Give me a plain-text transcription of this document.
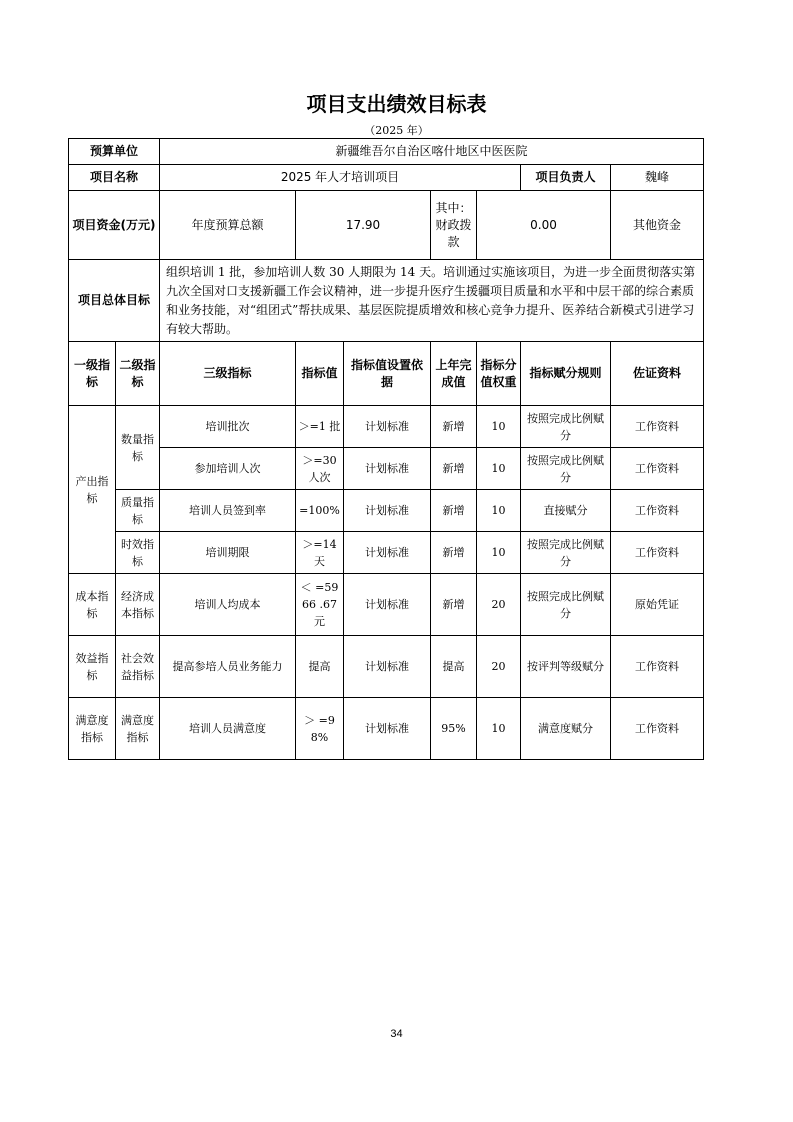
项目支出绩效目标表
（2025 年）
预算单位		新疆维吾尔自治区喀什地区中医医院							
项目名称		2025 年人才培训项目					项目负责人	魏峰	
项目资金(万元)		年度预算总额	17.90		其中：财政拨款	0.00		其他资金	
项目总体目标		组织培训 1 批，参加培训人数 30 人期限为 14 天。培训通过实施该项目，为进一步全面贯彻落实第九次全国对口支援新疆工作会议精神，进一步提升医疗生援疆项目质量和水平和中层干部的综合素质和业务技能，对“组团式”帮扶成果、基层医院提质增效和核心竞争力提升、医养结合新模式引进学习有较大帮助。							
一级指标	二级指标	三级指标	指标值	指标值设置依据	上年完成值	指标分值权重	指标赋分规则	佐证资料	
产出指标	数量指标	培训批次	＞=1 批	计划标准	新增	10	按照完成比例赋分	工作资料	
		参加培训人次	＞=30 人次	计划标准	新增	10	按照完成比例赋分	工作资料	
	质量指标	培训人员签到率	=100%	计划标准	新增	10	直接赋分	工作资料	
	时效指标	培训期限	＞=14 天	计划标准	新增	10	按照完成比例赋分	工作资料	
成本指标	经济成本指标	培训人均成本	＜ =5966 .67 元	计划标准	新增	20	按照完成比例赋分	原始凭证	
效益指标	社会效益指标	提高参培人员业务能力	提高	计划标准	提高	20	按评判等级赋分	工作资料	
满意度指标	满意度指标	培训人员满意度	＞ =98%	计划标准	95%	10	满意度赋分	工作资料	
34
